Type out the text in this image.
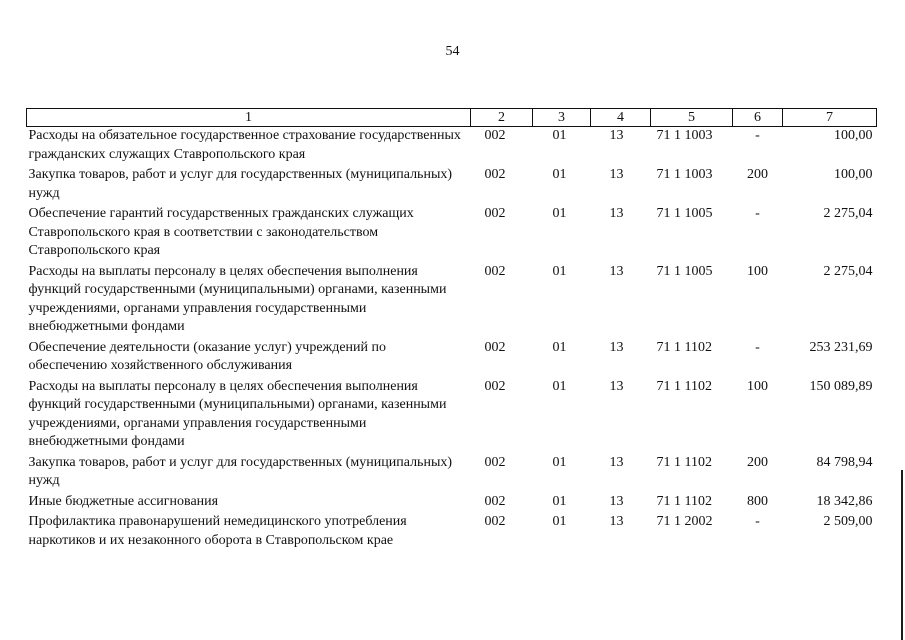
54
1	2	3	4	5	6	7
Расходы на обязательное государственное страхование государственных гражданских служащих Ставропольского края	002	01	13	71 1 1003	-	100,00
Закупка товаров, работ и услуг для государственных (муниципальных) нужд	002	01	13	71 1 1003	200	100,00
Обеспечение гарантий государственных гражданских служащих Ставропольского края в соответствии с законодательством Ставропольского края	002	01	13	71 1 1005	-	2 275,04
Расходы на выплаты персоналу в целях обеспечения выполнения функций государственными (муниципальными) органами, казенными учреждениями, органами управления государственными внебюджетными фондами	002	01	13	71 1 1005	100	2 275,04
Обеспечение деятельности (оказание услуг) учреждений по обеспечению хозяйственного обслуживания	002	01	13	71 1 1102	-	253 231,69
Расходы на выплаты персоналу в целях обеспечения выполнения функций государственными (муниципальными) органами, казенными учреждениями, органами управления государственными внебюджетными фондами	002	01	13	71 1 1102	100	150 089,89
Закупка товаров, работ и услуг для государственных (муниципальных) нужд	002	01	13	71 1 1102	200	84 798,94
Иные бюджетные ассигнования	002	01	13	71 1 1102	800	18 342,86
Профилактика правонарушений немедицинского употребления наркотиков и их незаконного оборота в Ставропольском крае	002	01	13	71 1 2002	-	2 509,00
